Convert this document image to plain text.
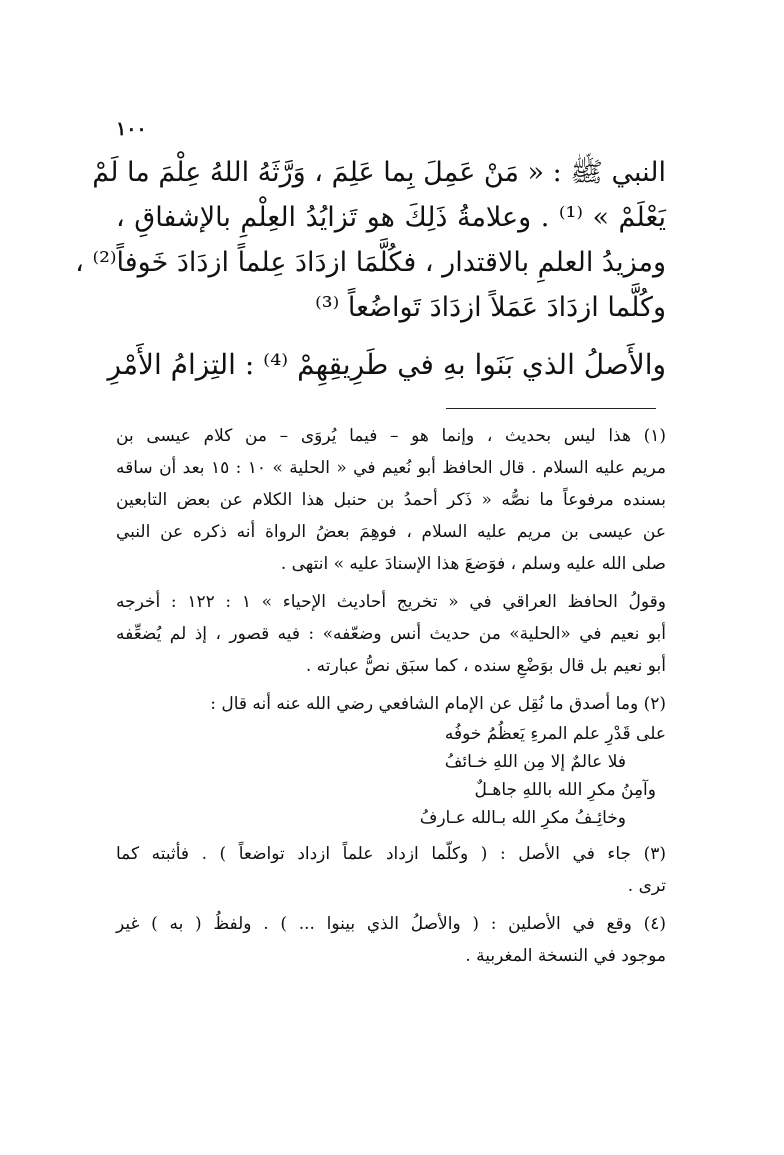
١٠٠
النبي ﷺ : « مَنْ عَمِلَ بِما عَلِمَ ، وَرَّثَهُ اللهُ عِلْمَ ما لَمْ
يَعْلَمْ » ⁽¹⁾ . وعلامةُ ذَلِكَ هو تَزايُدُ العِلْمِ بالإشفاقِ ،
ومزيدُ العلمِ بالاقتدار ، فكُلَّمَا ازدَادَ عِلماً ازدَادَ خَوفاً⁽²⁾ ،
وكُلَّما ازدَادَ عَمَلاً ازدَادَ تَواضُعاً ⁽³⁾
والأَصلُ الذي بَنَوا بهِ في طَرِيقِهِمْ ⁽⁴⁾ : التِزامُ الأَمْرِ
(١) هذا ليس بحديث ، وإنما هو – فيما يُروَى – من كلام عيسى بن
مريم عليه السلام . قال الحافظ أبو نُعيم في « الحلية » ١٠ : ١٥ بعد أن ساقه
بسنده مرفوعاً ما نصُّه « ذَكر أحمدُ بن حنبل هذا الكلام عن بعض التابعين
عن عيسى بن مريم عليه السلام ، فوهِمَ بعضُ الرواة أنه ذكره عن النبي
صلى الله عليه وسلم ، فوَضعَ هذا الإسنادَ عليه » انتهى .
وقولُ الحافظ العراقي في « تخريج أحاديث الإحياء » ١ : ١٢٢ : أخرجه
أبو نعيم في «الحلية» من حديث أنس وضعّفه» : فيه قصور ، إذ لم يُضعِّفه
أبو نعيم بل قال بوَضْعِ سنده ، كما سبَق نصُّ عبارته .
(٢) وما أصدق ما نُقِل عن الإمام الشافعي رضي الله عنه أنه قال :
على قَدْرِ علم المرءِ يَعظُمُ خوفُه
فلا عالمٌ إلا مِن اللهِ خـائفُ
وآمِنُ مكرِ الله باللهِ جاهـلٌ
وخائِـفُ مكرِ الله بـالله عـارفُ
(٣) جاء في الأصل : ( وكلّما ازداد علماً ازداد تواضعاً ) . فأثبته كما
ترى .
(٤) وقع في الأصلين : ( والأصلُ الذي بينوا ... ) . ولفظُ ( به ) غير
موجود في النسخة المغربية .
